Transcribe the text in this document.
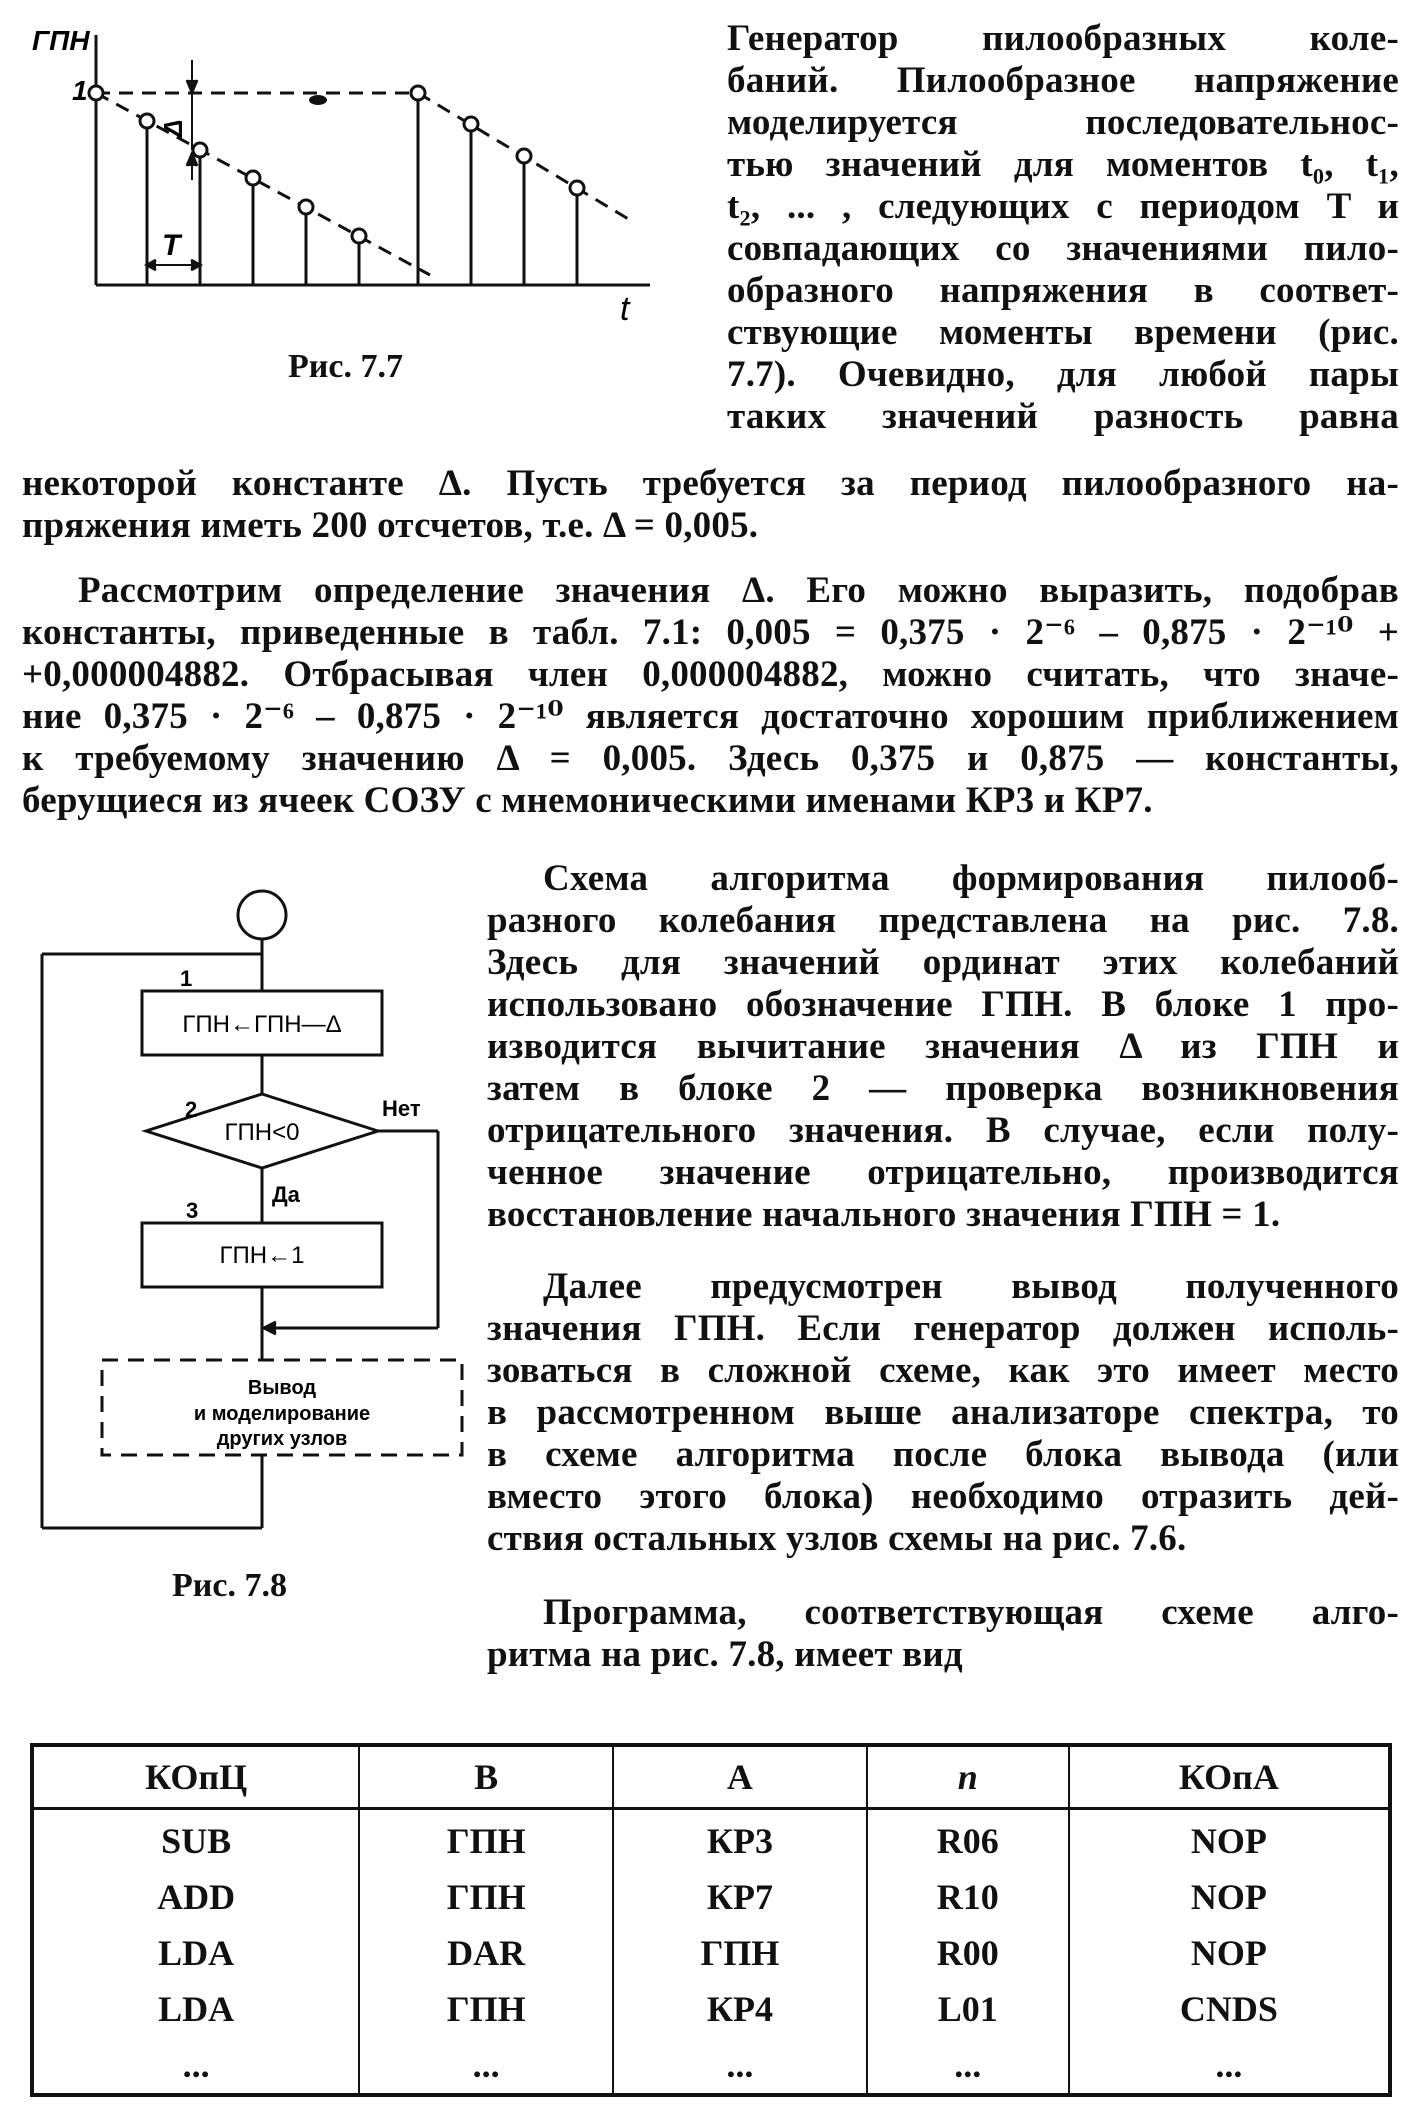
ГПН
1
Δ
T
t
Рис. 7.7
Генератор пилообразных коле-
баний. Пилообразное напряжение
моделируется последовательнос-
тью значений для моментов t₀, t₁,
t₂, ... , следующих с периодом T и
совпадающих со значениями пило-
образного напряжения в соответ-
ствующие моменты времени (рис.
7.7). Очевидно, для любой пары
таких значений разность равна
некоторой константе Δ. Пусть требуется за период пилообразного на-
пряжения иметь 200 отсчетов, т.е. Δ = 0,005.
Рассмотрим определение значения Δ. Его можно выразить, подобрав
константы, приведенные в табл. 7.1: 0,005 = 0,375 · 2⁻⁶ – 0,875 · 2⁻¹⁰ +
+0,000004882. Отбрасывая член 0,000004882, можно считать, что значе-
ние 0,375 · 2⁻⁶ – 0,875 · 2⁻¹⁰ является достаточно хорошим приближением
к требуемому значению Δ = 0,005. Здесь 0,375 и 0,875 — константы,
берущиеся из ячеек СОЗУ с мнемоническими именами КР3 и КР7.
1
ГПН←ГПН—Δ
2
ГПН<0
Нет
Да
3
ГПН←1
Вывод
и моделирование
других узлов
Рис. 7.8
Схема алгоритма формирования пилооб-
разного колебания представлена на рис. 7.8.
Здесь для значений ординат этих колебаний
использовано обозначение ГПН. В блоке 1 про-
изводится вычитание значения Δ из ГПН и
затем в блоке 2 — проверка возникновения
отрицательного значения. В случае, если полу-
ченное значение отрицательно, производится
восстановление начального значения ГПН = 1.
Далее предусмотрен вывод полученного
значения ГПН. Если генератор должен исполь-
зоваться в сложной схеме, как это имеет место
в рассмотренном выше анализаторе спектра, то
в схеме алгоритма после блока вывода (или
вместо этого блока) необходимо отразить дей-
ствия остальных узлов схемы на рис. 7.6.
Программа, соответствующая схеме алго-
ритма на рис. 7.8, имеет вид
КОпЦ	B	A	n	КОпА
SUB	ГПН	КР3	R06	NOP
ADD	ГПН	КР7	R10	NOP
LDA	DAR	ГПН	R00	NOP
LDA	ГПН	КР4	L01	CNDS
...	...	...	...	...
